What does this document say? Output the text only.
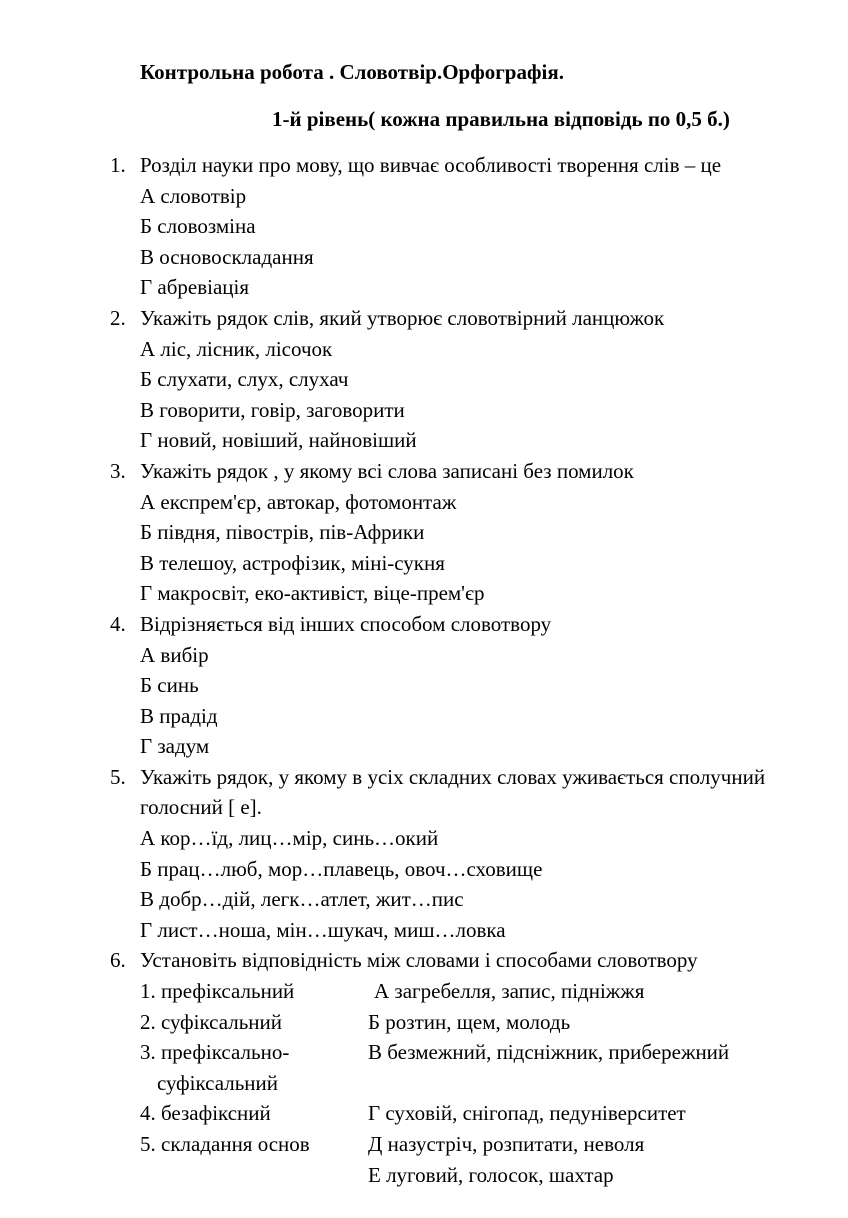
Контрольна робота . Словотвір.Орфографія.
1-й рівень( кожна правильна відповідь по 0,5 б.)
1. Розділ науки про мову, що вивчає особливості творення слів – це
А словотвір
Б словозміна
В основоскладання
Г абревіація
2. Укажіть рядок слів, який утворює словотвірний ланцюжок
А ліс, лісник, лісочок
Б слухати, слух, слухач
В говорити, говір, заговорити
Г новий, новіший, найновіший
3. Укажіть рядок , у якому всі слова записані без помилок
А експрем'єр, автокар, фотомонтаж
Б півдня, півострів, пів-Африки
В телешоу, астрофізик, міні-сукня
Г макросвіт, еко-активіст, віце-прем'єр
4. Відрізняється від інших способом словотвору
А вибір
Б синь
В прадід
Г задум
5. Укажіть рядок, у якому в усіх складних словах уживається сполучний
голосний [ е].
А кор…їд, лиц…мір, синь…окий
Б прац…люб, мор…плавець, овоч…сховище
В добр…дій, легк…атлет, жит…пис
Г лист…ноша, мін…шукач, миш…ловка
6. Установіть відповідність між словами і способами словотвору
1. префіксальний	А загребелля, запис, підніжжя
2. суфіксальний	Б розтин, щем, молодь
3. префіксально-	В безмежний, підсніжник, прибережний
суфіксальний
4. безафіксний	Г суховій, снігопад, педуніверситет
5. складання основ	Д назустріч, розпитати, неволя
Е луговий, голосок, шахтар
